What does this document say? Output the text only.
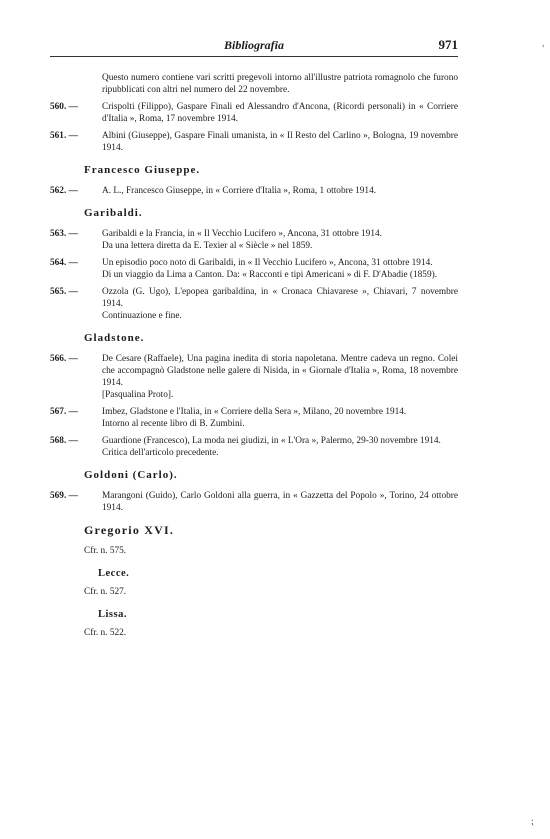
Bibliografia	971	'

Questo numero contiene vari scritti pregevoli intorno all'illustre patriota romagnolo che furono ripubblicati con altri nel numero del 22 novembre.

560. —	Crispolti (Filippo), Gaspare Finali ed Alessandro d'Ancona, (Ricordi personali) in « Corriere d'Italia », Roma, 17 novembre 1914.
561. —	Albini (Giuseppe), Gaspare Finali umanista, in « Il Resto del Carlino », Bologna, 19 novembre 1914.
Francesco Giuseppe.
562. —	A. L., Francesco Giuseppe, in « Corriere d'Italia », Roma, 1 ottobre 1914.
Garibaldi.
563. —	Garibaldi e la Francia, in « Il Vecchio Lucifero », Ancona, 31 ottobre 1914.
Da una lettera diretta da E. Texier al « Siècle » nel 1859.
564. —	Un episodio poco noto di Garibaldi, in « Il Vecchio Lucifero », Ancona, 31 ottobre 1914.
Di un viaggio da Lima a Canton. Da: « Racconti e tipi Americani » di F. D'Abadie (1859).
565. —	Ozzola (G. Ugo), L'epopea garibaldina, in « Cronaca Chiavarese », Chiavari, 7 novembre 1914.
Continuazione e fine.
Gladstone.
566. —	De Cesare (Raffaele), Una pagina inedita di storia napoletana. Mentre cadeva un regno. Colei che accompagnò Gladstone nelle galere di Nisida, in « Giornale d'Italia », Roma, 18 novembre 1914.
[Pasqualina Proto].
567. —	Imbez, Gladstone e l'Italia, in « Corriere della Sera », Milano, 20 novembre 1914.
Intorno al recente libro di B. Zumbini.
568. —	Guardione (Francesco), La moda nei giudizi, in « L'Ora », Palermo, 29-30 novembre 1914.
Critica dell'articolo precedente.
Goldoni (Carlo).
569. —	Marangoni (Guido), Carlo Goldoni alla guerra, in « Gazzetta del Popolo », Torino, 24 ottobre 1914.
Gregorio XVI.

Cfr. n. 575.

Lecce.

Cfr. n. 527.

Lissa.

Cfr. n. 522.

⁏
